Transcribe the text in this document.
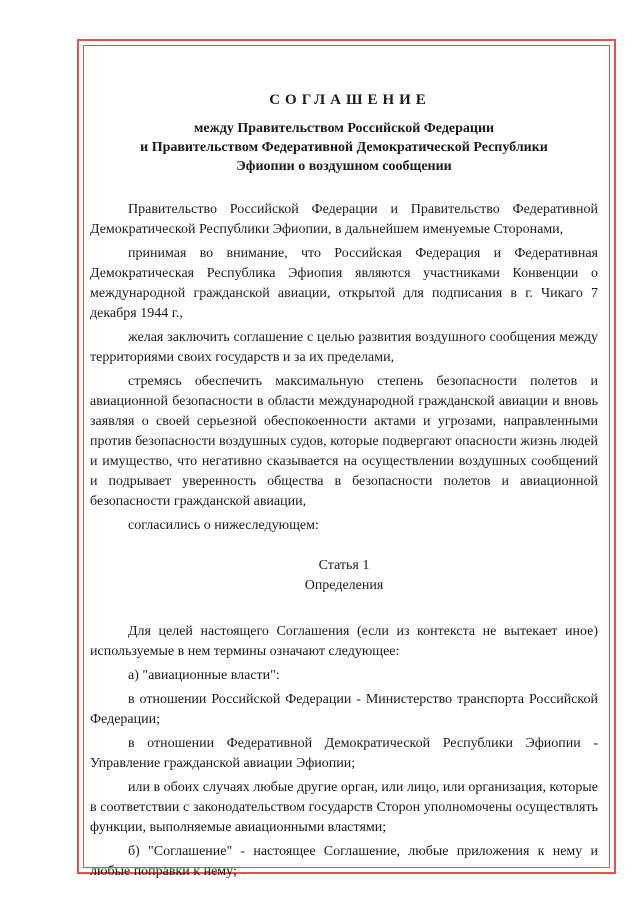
СОГЛАШЕНИЕ
между Правительством Российской Федерации
и Правительством Федеративной Демократической Республики
Эфиопии о воздушном сообщении

Правительство Российской Федерации и Правительство Федеративной Демократической Республики Эфиопии, в дальнейшем именуемые Сторонами,

принимая во внимание, что Российская Федерация и Федеративная Демократическая Республика Эфиопия являются участниками Конвенции о международной гражданской авиации, открытой для подписания в г. Чикаго 7 декабря 1944 г.,

желая заключить соглашение с целью развития воздушного сообщения между территориями своих государств и за их пределами,

стремясь обеспечить максимальную степень безопасности полетов и авиационной безопасности в области международной гражданской авиации и вновь заявляя о своей серьезной обеспокоенности актами и угрозами, направленными против безопасности воздушных судов, которые подвергают опасности жизнь людей и имущество, что негативно сказывается на осуществлении воздушных сообщений и подрывает уверенность общества в безопасности полетов и авиационной безопасности гражданской авиации,

согласились о нижеследующем:

Статья 1
Определения

Для целей настоящего Соглашения (если из контекста не вытекает иное) используемые в нем термины означают следующее:

а) "авиационные власти":

в отношении Российской Федерации - Министерство транспорта Российской Федерации;

в отношении Федеративной Демократической Республики Эфиопии - Управление гражданской авиации Эфиопии;

или в обоих случаях любые другие орган, или лицо, или организация, которые в соответствии с законодательством государств Сторон уполномочены осуществлять функции, выполняемые авиационными властями;

б) "Соглашение" - настоящее Соглашение, любые приложения к нему и любые поправки к нему;
